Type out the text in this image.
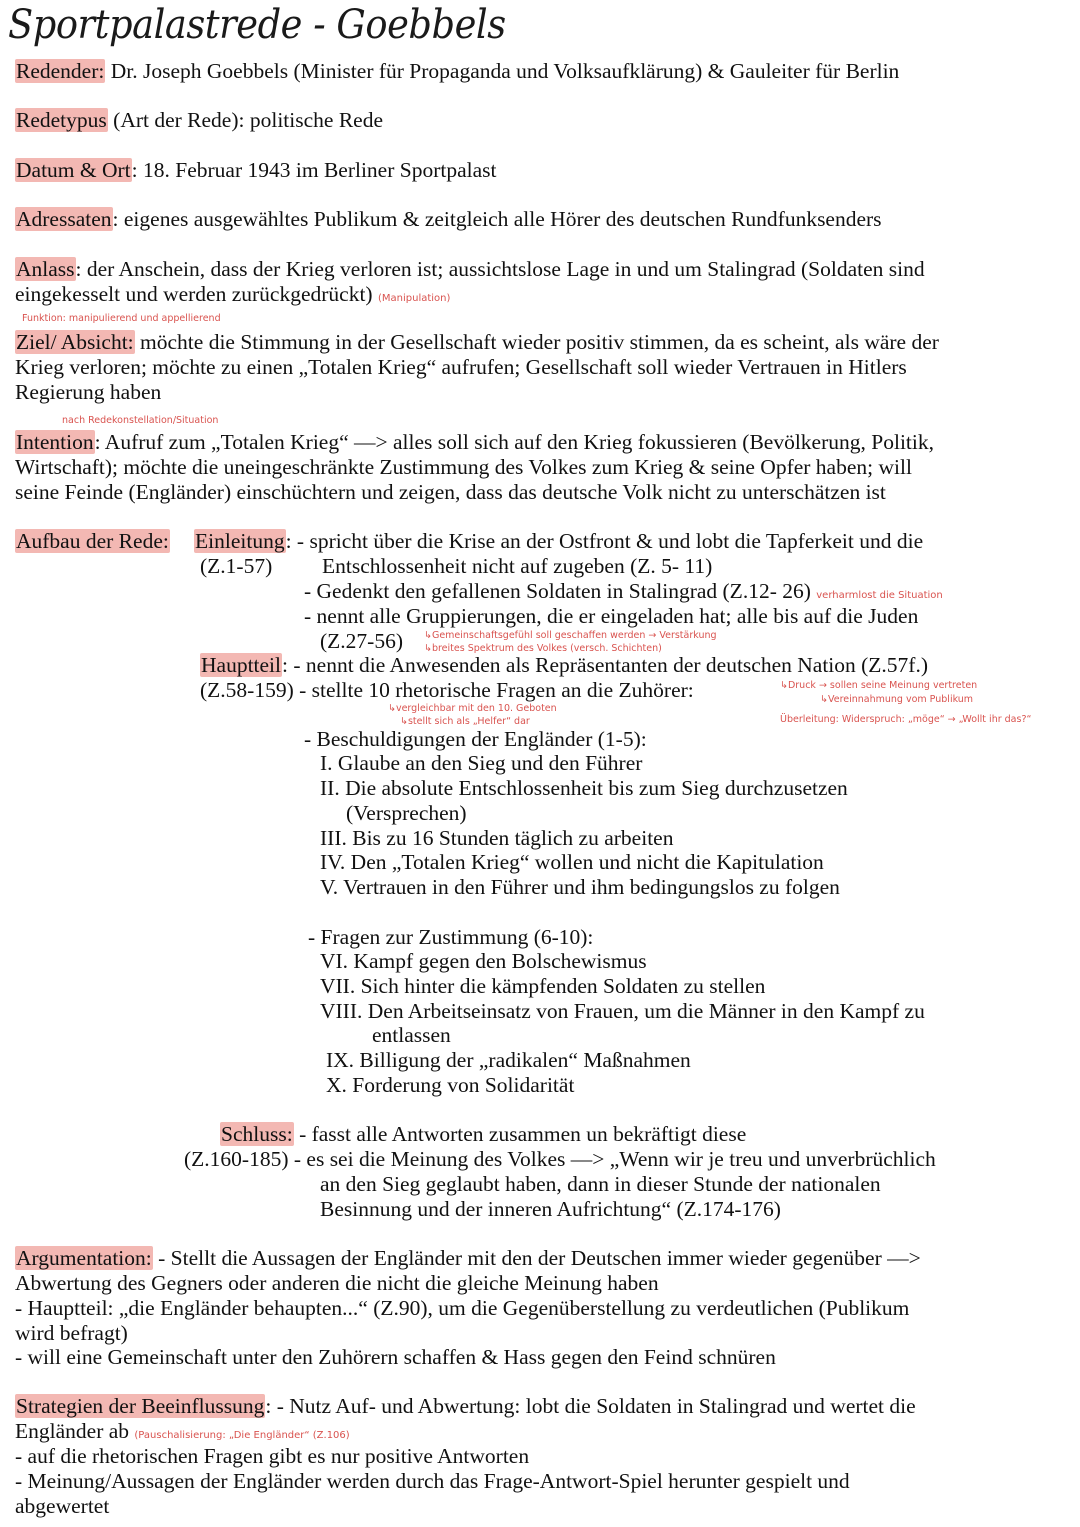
Sportpalastrede - Goebbels
Redender: Dr. Joseph Goebbels (Minister für Propaganda und Volksaufklärung) & Gauleiter für Berlin
Redetypus (Art der Rede): politische Rede
Datum & Ort: 18. Februar 1943 im Berliner Sportpalast
Adressaten: eigenes ausgewähltes Publikum & zeitgleich alle Hörer des deutschen Rundfunksenders
Anlass: der Anschein, dass der Krieg verloren ist; aussichtslose Lage in und um Stalingrad (Soldaten sind
eingekesselt und werden zurückgedrückt) (Manipulation)
Funktion: manipulierend und appellierend
Ziel/ Absicht: möchte die Stimmung in der Gesellschaft wieder positiv stimmen, da es scheint, als wäre der
Krieg verloren; möchte zu einen „Totalen Krieg“ aufrufen; Gesellschaft soll wieder Vertrauen in Hitlers
Regierung haben
nach Redekonstellation/Situation
Intention: Aufruf zum „Totalen Krieg“ —> alles soll sich auf den Krieg fokussieren (Bevölkerung, Politik,
Wirtschaft); möchte die uneingeschränkte Zustimmung des Volkes zum Krieg & seine Opfer haben; will
seine Feinde (Engländer) einschüchtern und zeigen, dass das deutsche Volk nicht zu unterschätzen ist
Aufbau der Rede: Einleitung: - spricht über die Krise an der Ostfront & und lobt die Tapferkeit und die
(Z.1-57) Entschlossenheit nicht auf zugeben (Z. 5- 11)
- Gedenkt den gefallenen Soldaten in Stalingrad (Z.12- 26) verharmlost die Situation
- nennt alle Gruppierungen, die er eingeladen hat; alle bis auf die Juden
(Z.27-56) ↳Gemeinschaftsgefühl soll geschaffen werden → Verstärkung
↳breites Spektrum des Volkes (versch. Schichten)
Hauptteil: - nennt die Anwesenden als Repräsentanten der deutschen Nation (Z.57f.)
(Z.58-159) - stellte 10 rhetorische Fragen an die Zuhörer:	↳Druck → sollen seine Meinung vertreten
↳Vereinnahmung vom Publikum
↳vergleichbar mit den 10. Geboten
↳stellt sich als „Helfer“ dar	Überleitung: Widerspruch: „möge“ → „Wollt ihr das?“
- Beschuldigungen der Engländer (1-5):
I. Glaube an den Sieg und den Führer
II. Die absolute Entschlossenheit bis zum Sieg durchzusetzen
(Versprechen)
III. Bis zu 16 Stunden täglich zu arbeiten
IV. Den „Totalen Krieg“ wollen und nicht die Kapitulation
V. Vertrauen in den Führer und ihm bedingungslos zu folgen
- Fragen zur Zustimmung (6-10):
VI. Kampf gegen den Bolschewismus
VII. Sich hinter die kämpfenden Soldaten zu stellen
VIII. Den Arbeitseinsatz von Frauen, um die Männer in den Kampf zu
entlassen
IX. Billigung der „radikalen“ Maßnahmen
X. Forderung von Solidarität
Schluss: - fasst alle Antworten zusammen un bekräftigt diese
(Z.160-185) - es sei die Meinung des Volkes —> „Wenn wir je treu und unverbrüchlich
an den Sieg geglaubt haben, dann in dieser Stunde der nationalen
Besinnung und der inneren Aufrichtung“ (Z.174-176)
Argumentation: - Stellt die Aussagen der Engländer mit den der Deutschen immer wieder gegenüber —>
Abwertung des Gegners oder anderen die nicht die gleiche Meinung haben
- Hauptteil: „die Engländer behaupten...“ (Z.90), um die Gegenüberstellung zu verdeutlichen (Publikum
wird befragt)
- will eine Gemeinschaft unter den Zuhörern schaffen & Hass gegen den Feind schnüren
Strategien der Beeinflussung: - Nutz Auf- und Abwertung: lobt die Soldaten in Stalingrad und wertet die
Engländer ab (Pauschalisierung: „Die Engländer“ (Z.106)
- auf die rhetorischen Fragen gibt es nur positive Antworten
- Meinung/Aussagen der Engländer werden durch das Frage-Antwort-Spiel herunter gespielt und
abgewertet
